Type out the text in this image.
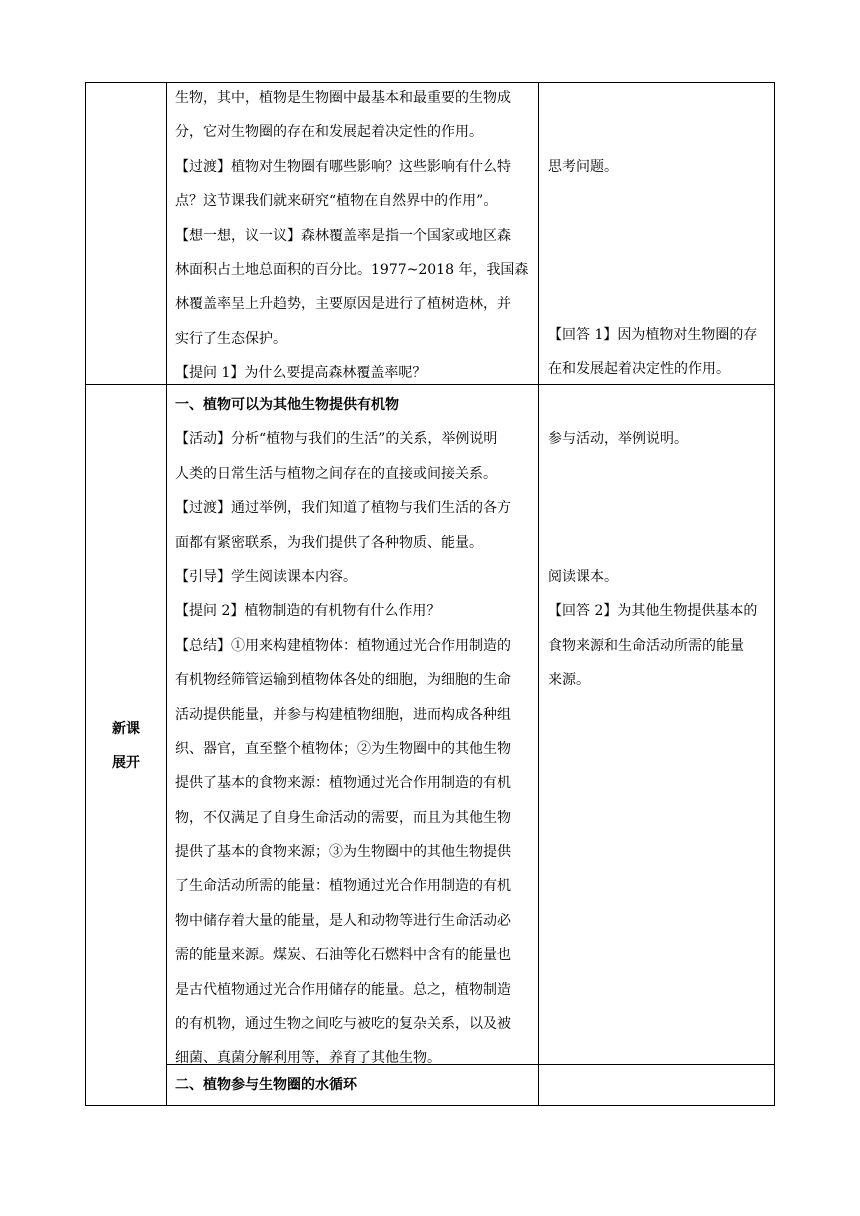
生物，其中，植物是生物圈中最基本和最重要的生物成
分，它对生物圈的存在和发展起着决定性的作用。
【过渡】植物对生物圈有哪些影响？这些影响有什么特
点？这节课我们就来研究“植物在自然界中的作用”。
【想一想，议一议】森林覆盖率是指一个国家或地区森
林面积占土地总面积的百分比。1977~2018 年，我国森
林覆盖率呈上升趋势，主要原因是进行了植树造林，并
实行了生态保护。
【提问 1】为什么要提高森林覆盖率呢？
思考问题。
【回答 1】因为植物对生物圈的存
在和发展起着决定性的作用。
新课
展开
一、植物可以为其他生物提供有机物
【活动】分析“植物与我们的生活”的关系，举例说明
人类的日常生活与植物之间存在的直接或间接关系。
【过渡】通过举例，我们知道了植物与我们生活的各方
面都有紧密联系，为我们提供了各种物质、能量。
【引导】学生阅读课本内容。
【提问 2】植物制造的有机物有什么作用？
【总结】①用来构建植物体：植物通过光合作用制造的
有机物经筛管运输到植物体各处的细胞，为细胞的生命
活动提供能量，并参与构建植物细胞，进而构成各种组
织、器官，直至整个植物体；②为生物圈中的其他生物
提供了基本的食物来源：植物通过光合作用制造的有机
物，不仅满足了自身生命活动的需要，而且为其他生物
提供了基本的食物来源；③为生物圈中的其他生物提供
了生命活动所需的能量：植物通过光合作用制造的有机
物中储存着大量的能量，是人和动物等进行生命活动必
需的能量来源。煤炭、石油等化石燃料中含有的能量也
是古代植物通过光合作用储存的能量。总之，植物制造
的有机物，通过生物之间吃与被吃的复杂关系，以及被
细菌、真菌分解利用等，养育了其他生物。
参与活动，举例说明。
阅读课本。
【回答 2】为其他生物提供基本的
食物来源和生命活动所需的能量
来源。
二、植物参与生物圈的水循环
